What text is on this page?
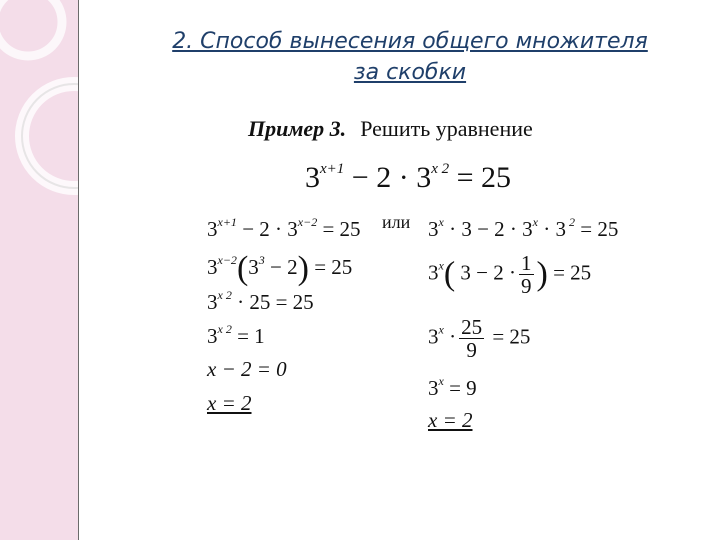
2. Способ вынесения общего множителя
за скобки
Пример 3. Решить уравнение
$3^{x+1} - 2 \cdot 3^{x 2} = 25$
$3^{x+1} - 2 \cdot 3^{x-2} = 25$ или
$3^{x-2}(3^3 - 2) = 25$
$3^{x 2} \cdot 25 = 25$
$3^{x 2} = 1$
x − 2 = 0
x = 2
$3^x \cdot 3 - 2 \cdot 3^x \cdot 3$ $^2$ = 25
3$^x$( $3 - 2 \cdot \frac{1}{9}$ ) = 25
$3^x \cdot \frac{25}{9} = 25$
$3^x = 9$
x = 2
